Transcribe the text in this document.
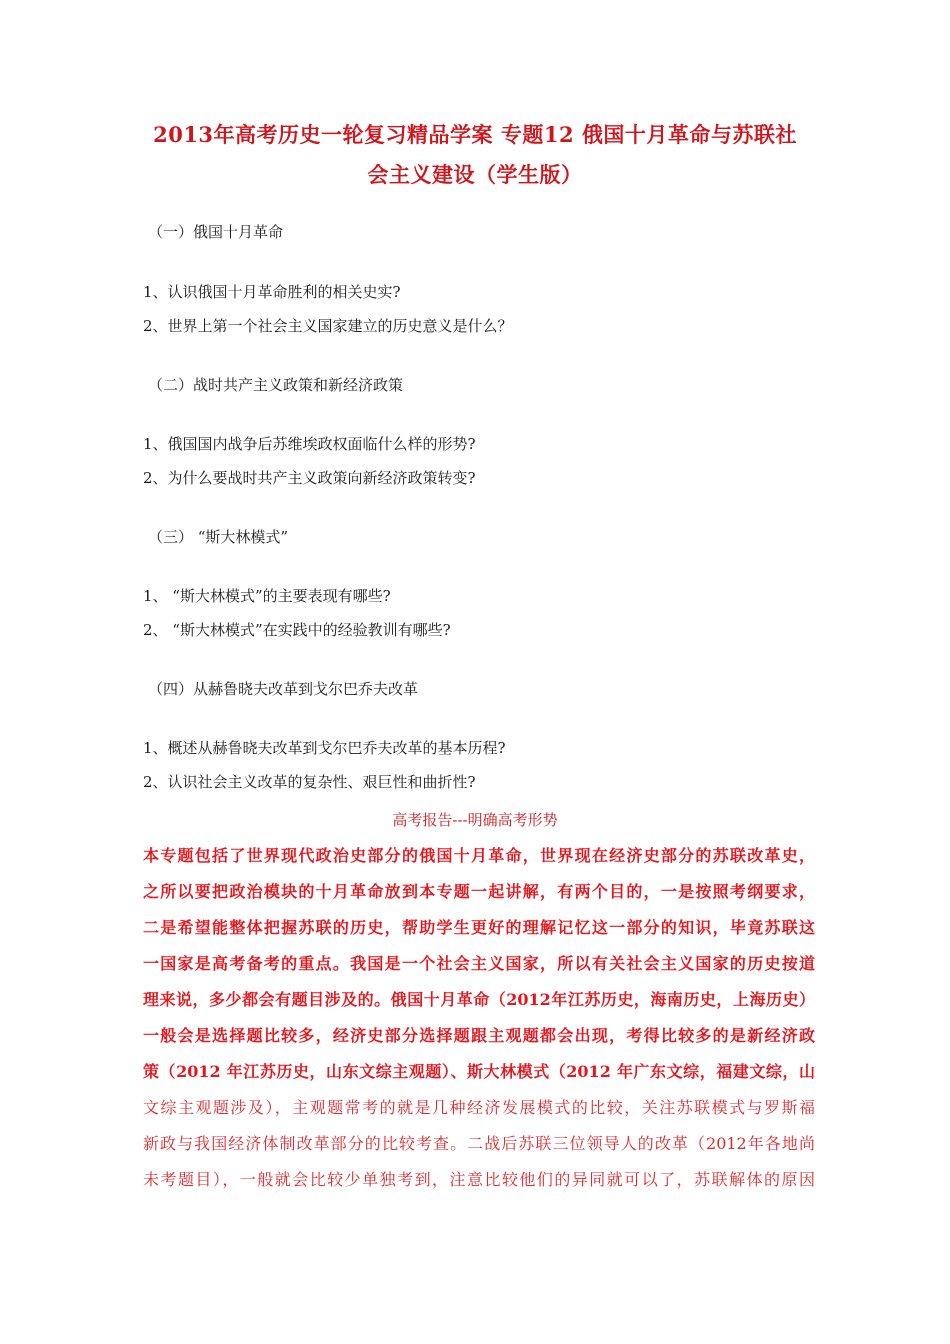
2013年高考历史一轮复习精品学案 专题12 俄国十月革命与苏联社
会主义建设（学生版）
（一）俄国十月革命
1、认识俄国十月革命胜利的相关史实?
2、世界上第一个社会主义国家建立的历史意义是什么？
（二）战时共产主义政策和新经济政策
1、俄国国内战争后苏维埃政权面临什么样的形势?
2、为什么要战时共产主义政策向新经济政策转变?
（三） “斯大林模式”
1、 “斯大林模式”的主要表现有哪些?
2、 “斯大林模式”在实践中的经验教训有哪些?
（四）从赫鲁晓夫改革到戈尔巴乔夫改革
1、概述从赫鲁晓夫改革到戈尔巴乔夫改革的基本历程?
2、认识社会主义改革的复杂性、艰巨性和曲折性?
高考报告---明确高考形势
本专题包括了世界现代政治史部分的俄国十月革命，世界现在经济史部分的苏联改革史，
之所以要把政治模块的十月革命放到本专题一起讲解，有两个目的，一是按照考纲要求，
二是希望能整体把握苏联的历史，帮助学生更好的理解记忆这一部分的知识，毕竟苏联这
一国家是高考备考的重点。我国是一个社会主义国家，所以有关社会主义国家的历史按道
理来说，多少都会有题目涉及的。俄国十月革命（2012年江苏历史，海南历史，上海历史）
一般会是选择题比较多，经济史部分选择题跟主观题都会出现，考得比较多的是新经济政
策（2012 年江苏历史，山东文综主观题）、斯大林模式（2012 年广东文综，福建文综，山
文综主观题涉及），主观题常考的就是几种经济发展模式的比较，关注苏联模式与罗斯福
新政与我国经济体制改革部分的比较考查。二战后苏联三位领导人的改革（2012年各地尚
未考题目），一般就会比较少单独考到，注意比较他们的异同就可以了，苏联解体的原因
